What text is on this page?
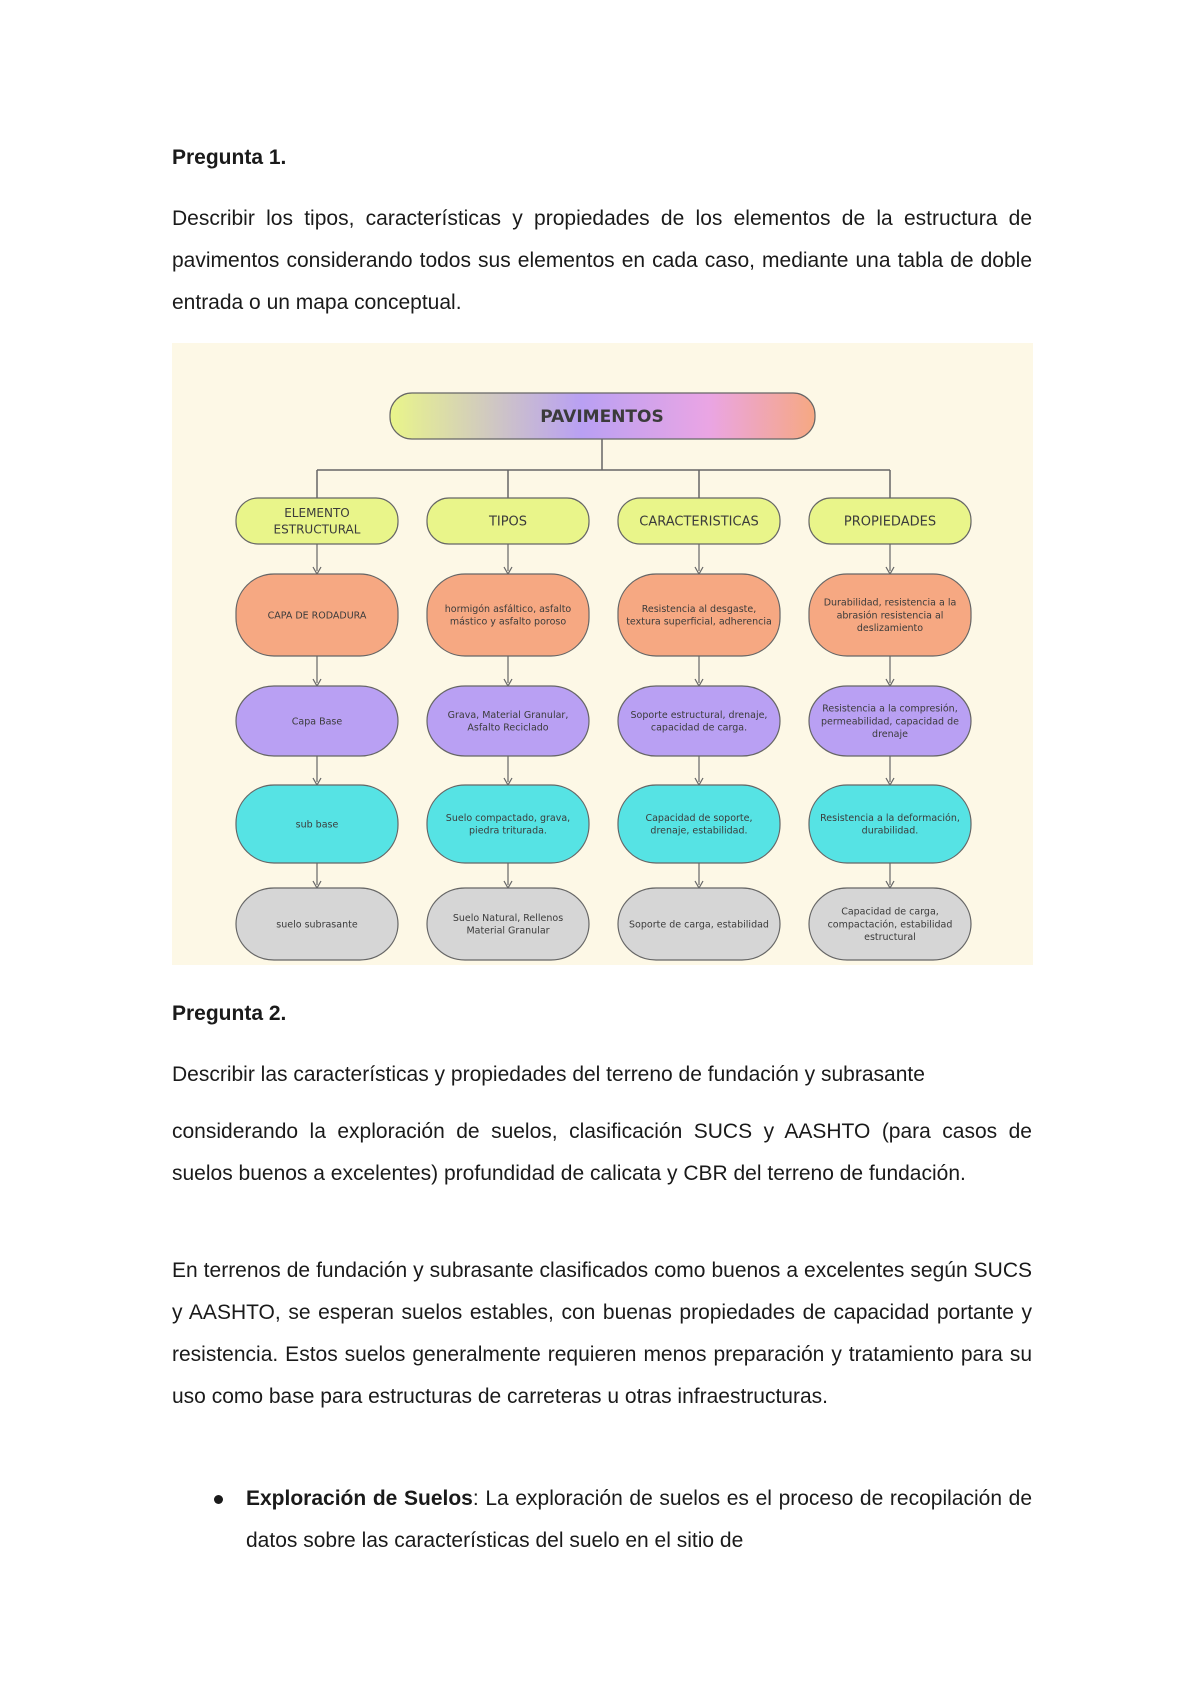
Pregunta 1.

Describir los tipos, características y propiedades de los elementos de la estructura de pavimentos considerando todos sus elementos en cada caso, mediante una tabla de doble entrada o un mapa conceptual.

PAVIMENTOS
ELEMENTO
ESTRUCTURAL
CAPA DE RODADURA
Capa Base
sub base
suelo subrasante
TIPOS
hormigón asfáltico, asfalto
mástico y asfalto poroso
Grava, Material Granular,
Asfalto Reciclado
Suelo compactado, grava,
piedra triturada.
Suelo Natural, Rellenos
Material Granular
CARACTERISTICAS
Resistencia al desgaste,
textura superficial, adherencia
Soporte estructural, drenaje,
capacidad de carga.
Capacidad de soporte,
drenaje, estabilidad.
Soporte de carga, estabilidad
PROPIEDADES
Durabilidad, resistencia a la
abrasión resistencia al
deslizamiento
Resistencia a la compresión,
permeabilidad, capacidad de
drenaje
Resistencia a la deformación,
durabilidad.
Capacidad de carga,
compactación, estabilidad
estructural
Pregunta 2.

Describir las características y propiedades del terreno de fundación y subrasante

considerando la exploración de suelos, clasificación SUCS y AASHTO (para casos de suelos buenos a excelentes) profundidad de calicata y CBR del terreno de fundación.

En terrenos de fundación y subrasante clasificados como buenos a excelentes según SUCS y AASHTO, se esperan suelos estables, con buenas propiedades de capacidad portante y resistencia. Estos suelos generalmente requieren menos preparación y tratamiento para su uso como base para estructuras de carreteras u otras infraestructuras.

Exploración de Suelos: La exploración de suelos es el proceso de recopilación de datos sobre las características del suelo en el sitio de
